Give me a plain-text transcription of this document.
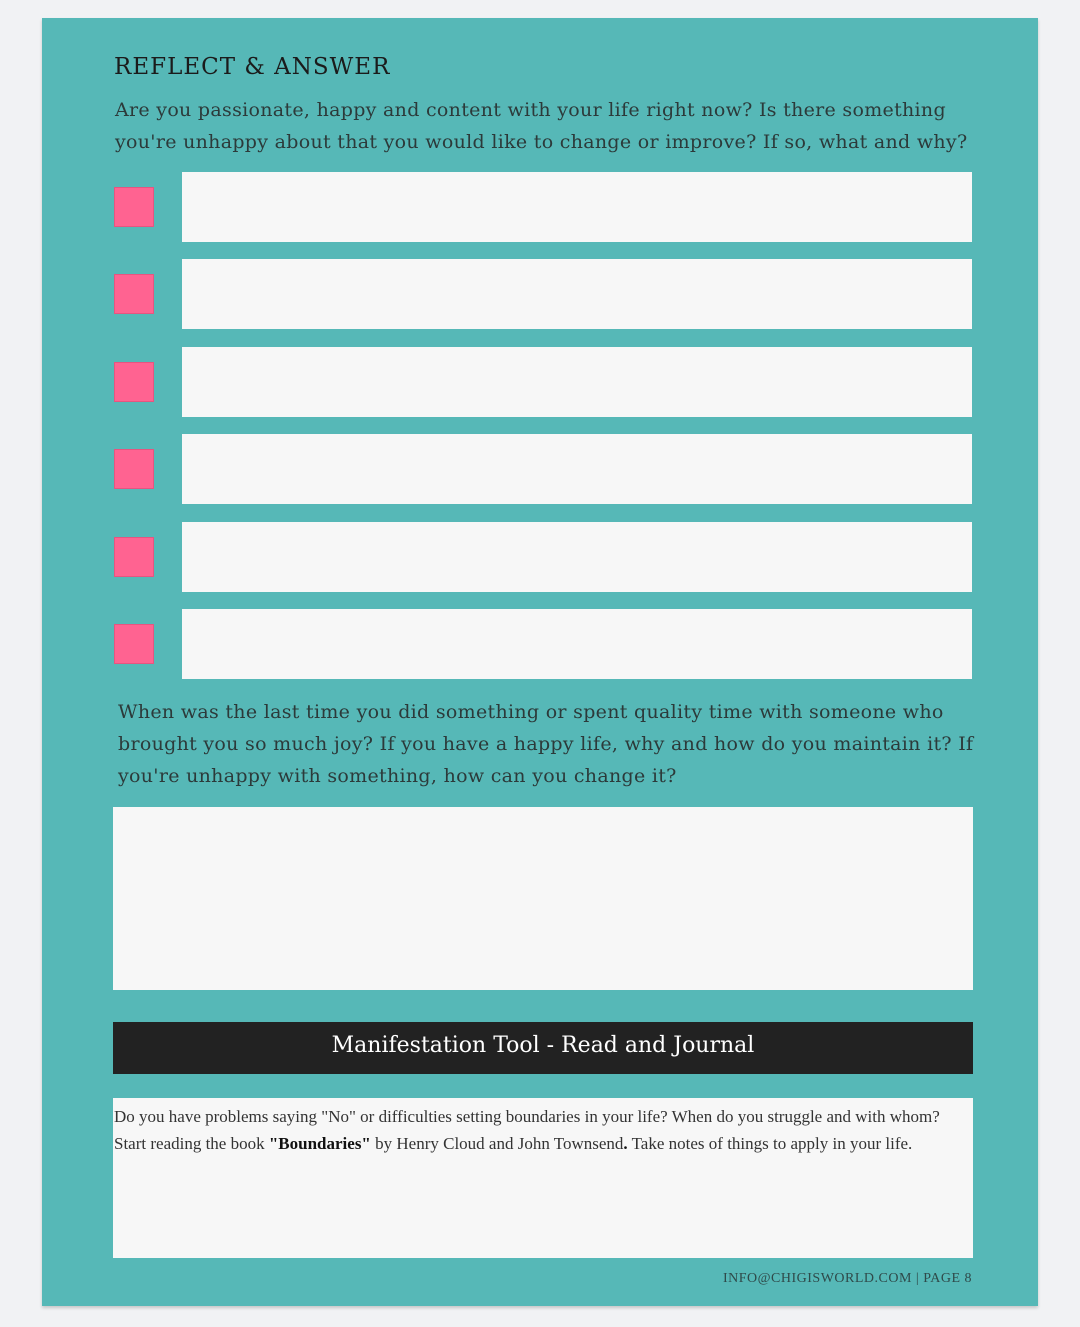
REFLECT & ANSWER
Are you passionate, happy and content with your life right now? Is there something you're unhappy about that you would like to change or improve? If so, what and why?
When was the last time you did something or spent quality time with someone who brought you so much joy? If you have a happy life, why and how do you maintain it? If you're unhappy with something, how can you change it?
Manifestation Tool - Read and Journal
Do you have problems saying "No" or difficulties setting boundaries in your life? When do you struggle and with whom?
Start reading the book "Boundaries" by Henry Cloud and John Townsend. Take notes of things to apply in your life.
INFO@CHIGISWORLD.COM | PAGE 8
